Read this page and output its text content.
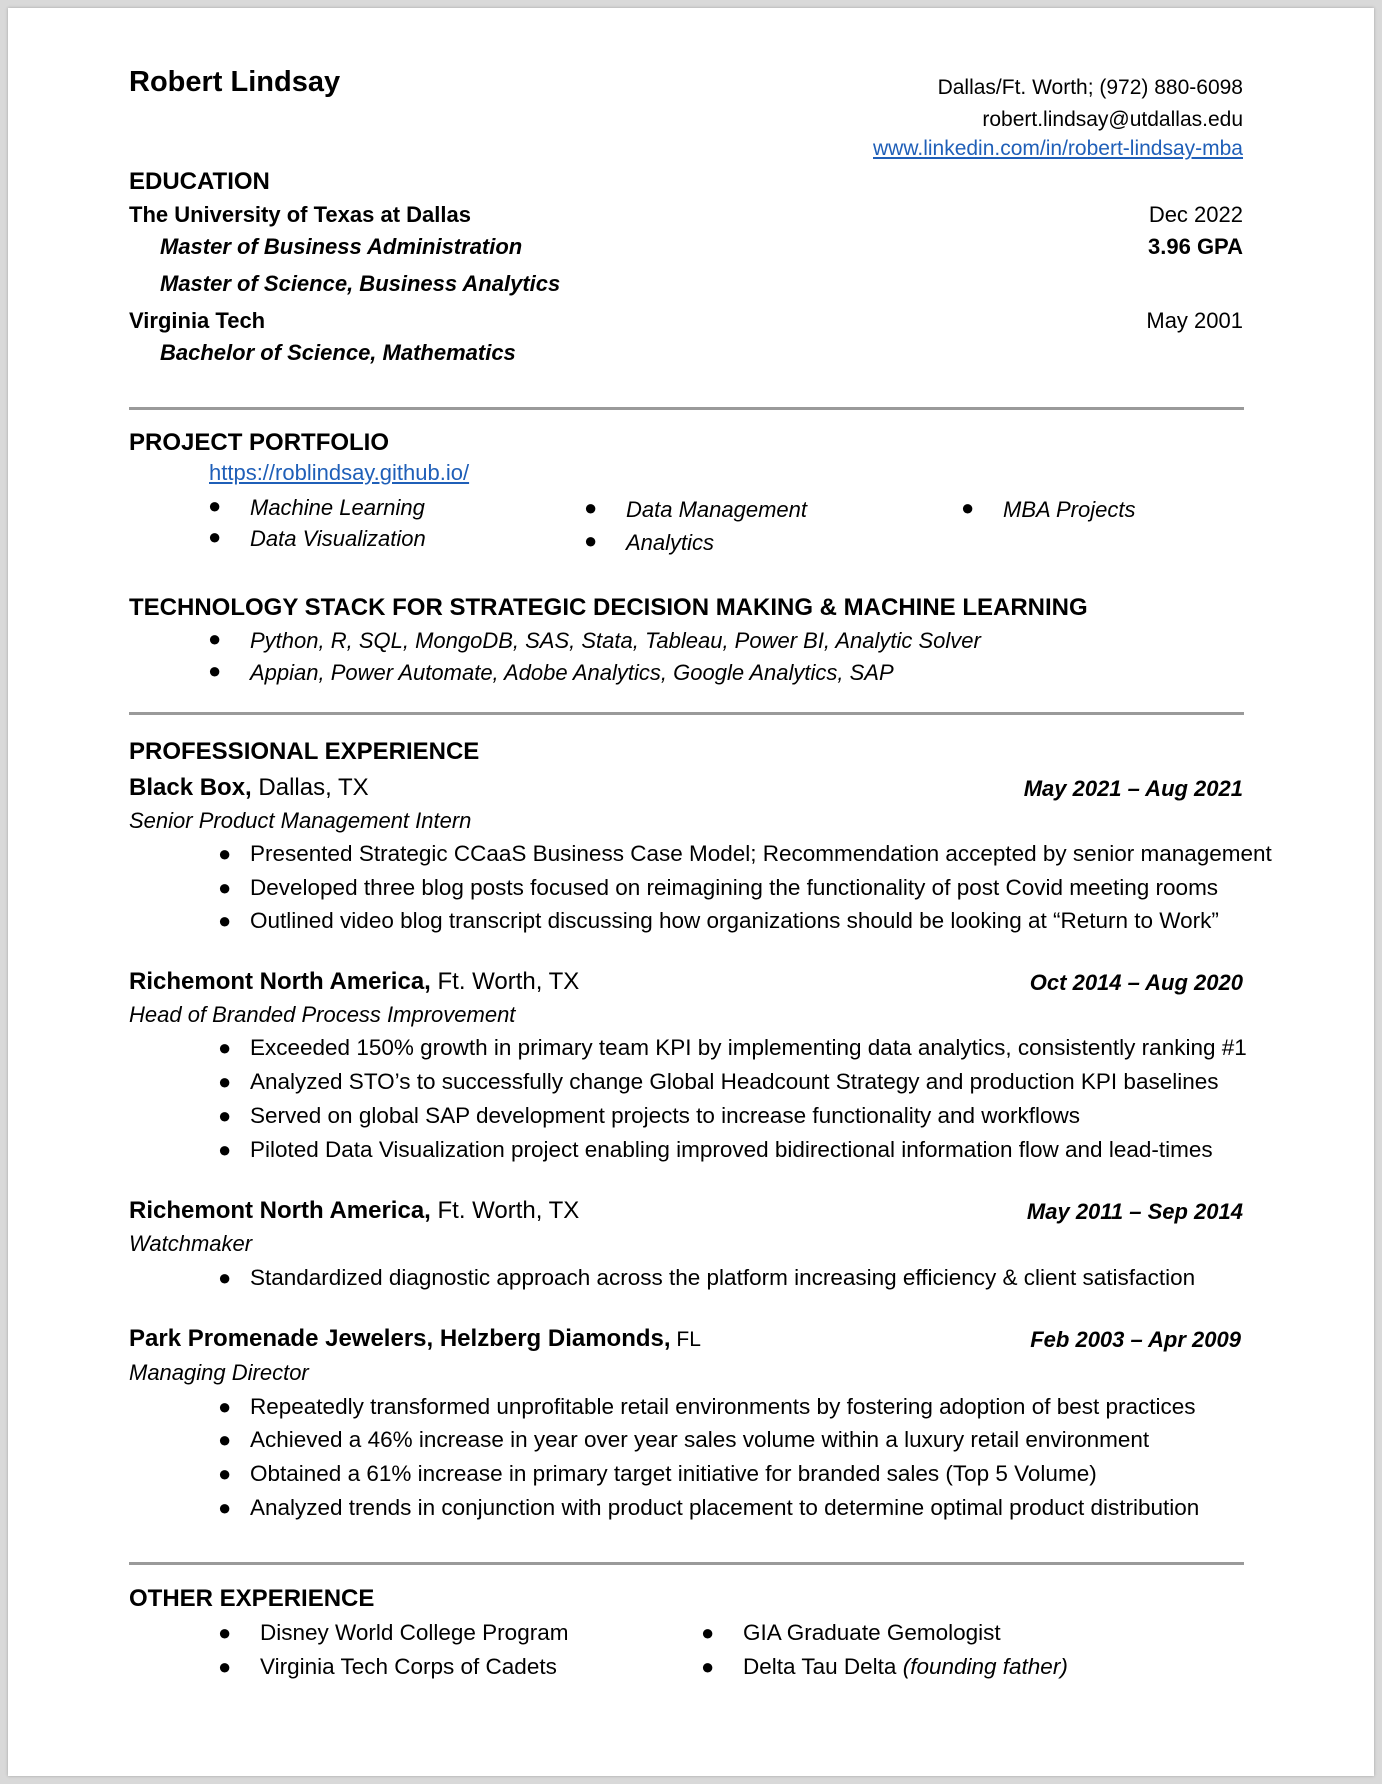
Robert Lindsay	Dallas/Ft. Worth; (972) 880-6098
robert.lindsay@utdallas.edu
www.linkedin.com/in/robert-lindsay-mba
EDUCATION
The University of Texas at Dallas	Dec 2022
Master of Business Administration	3.96 GPA
Master of Science, Business Analytics
Virginia Tech	May 2001
Bachelor of Science, Mathematics
PROJECT PORTFOLIO
https://roblindsay.github.io/
● Machine Learning
● Data Visualization
● Data Management
● Analytics
● MBA Projects
TECHNOLOGY STACK FOR STRATEGIC DECISION MAKING & MACHINE LEARNING
● Python, R, SQL, MongoDB, SAS, Stata, Tableau, Power BI, Analytic Solver
● Appian, Power Automate, Adobe Analytics, Google Analytics, SAP
PROFESSIONAL EXPERIENCE
Black Box, Dallas, TX	May 2021 – Aug 2021
Senior Product Management Intern
● Presented Strategic CCaaS Business Case Model; Recommendation accepted by senior management
● Developed three blog posts focused on reimagining the functionality of post Covid meeting rooms
● Outlined video blog transcript discussing how organizations should be looking at “Return to Work”
Richemont North America, Ft. Worth, TX	Oct 2014 – Aug 2020
Head of Branded Process Improvement
● Exceeded 150% growth in primary team KPI by implementing data analytics, consistently ranking #1
● Analyzed STO’s to successfully change Global Headcount Strategy and production KPI baselines
● Served on global SAP development projects to increase functionality and workflows
● Piloted Data Visualization project enabling improved bidirectional information flow and lead-times
Richemont North America, Ft. Worth, TX	May 2011 – Sep 2014
Watchmaker
● Standardized diagnostic approach across the platform increasing efficiency & client satisfaction
Park Promenade Jewelers, Helzberg Diamonds, FL	Feb 2003 – Apr 2009
Managing Director
● Repeatedly transformed unprofitable retail environments by fostering adoption of best practices
● Achieved a 46% increase in year over year sales volume within a luxury retail environment
● Obtained a 61% increase in primary target initiative for branded sales (Top 5 Volume)
● Analyzed trends in conjunction with product placement to determine optimal product distribution
OTHER EXPERIENCE
● Disney World College Program
● Virginia Tech Corps of Cadets
● GIA Graduate Gemologist
● Delta Tau Delta (founding father)
